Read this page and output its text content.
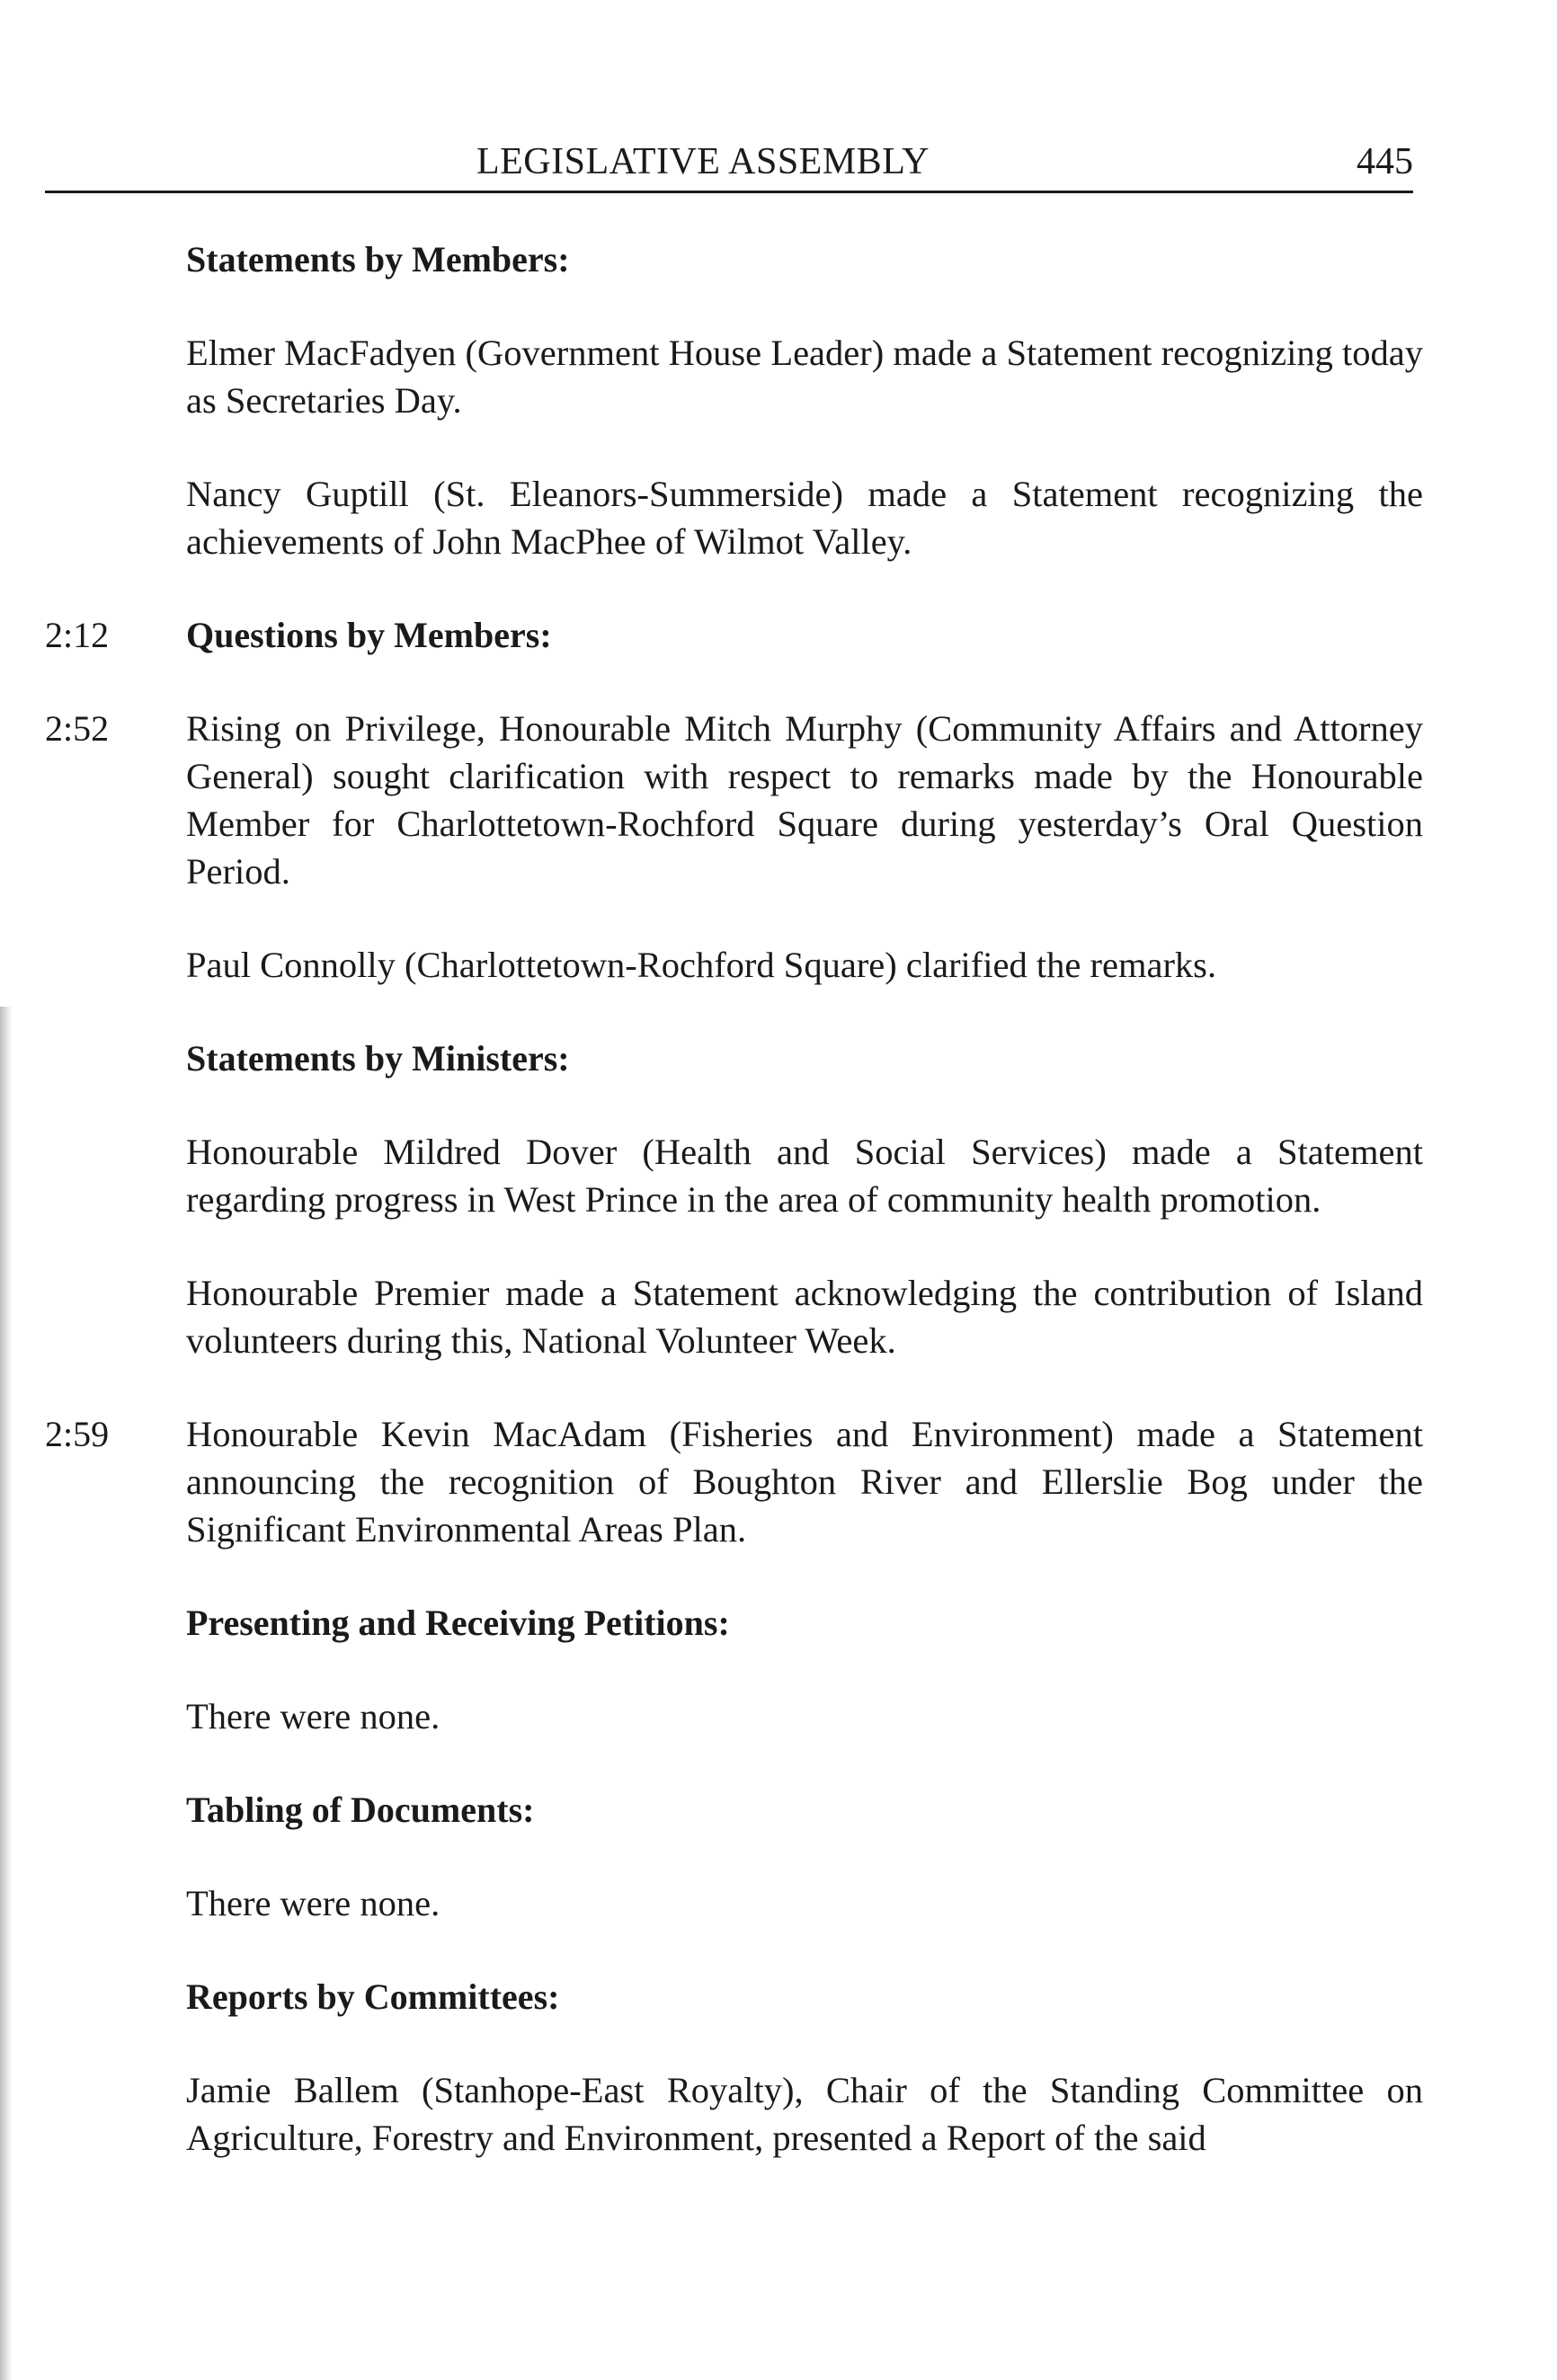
LEGISLATIVE ASSEMBLY	445
Statements by Members:
Elmer MacFadyen (Government House Leader) made a Statement recognizing today as Secretaries Day.
Nancy Guptill (St. Eleanors-Summerside) made a Statement recognizing the achievements of John MacPhee of Wilmot Valley.
2:12 Questions by Members:
2:52 Rising on Privilege, Honourable Mitch Murphy (Community Affairs and Attorney General) sought clarification with respect to remarks made by the Honourable Member for Charlottetown-Rochford Square during yesterday’s Oral Question Period.
Paul Connolly (Charlottetown-Rochford Square) clarified the remarks.
Statements by Ministers:
Honourable Mildred Dover (Health and Social Services) made a Statement regarding progress in West Prince in the area of community health promotion.
Honourable Premier made a Statement acknowledging the contribution of Island volunteers during this, National Volunteer Week.
2:59 Honourable Kevin MacAdam (Fisheries and Environment) made a Statement announcing the recognition of Boughton River and Ellerslie Bog under the Significant Environmental Areas Plan.
Presenting and Receiving Petitions:
There were none.
Tabling of Documents:
There were none.
Reports by Committees:
Jamie Ballem (Stanhope-East Royalty), Chair of the Standing Committee on Agriculture, Forestry and Environment, presented a Report of the said
